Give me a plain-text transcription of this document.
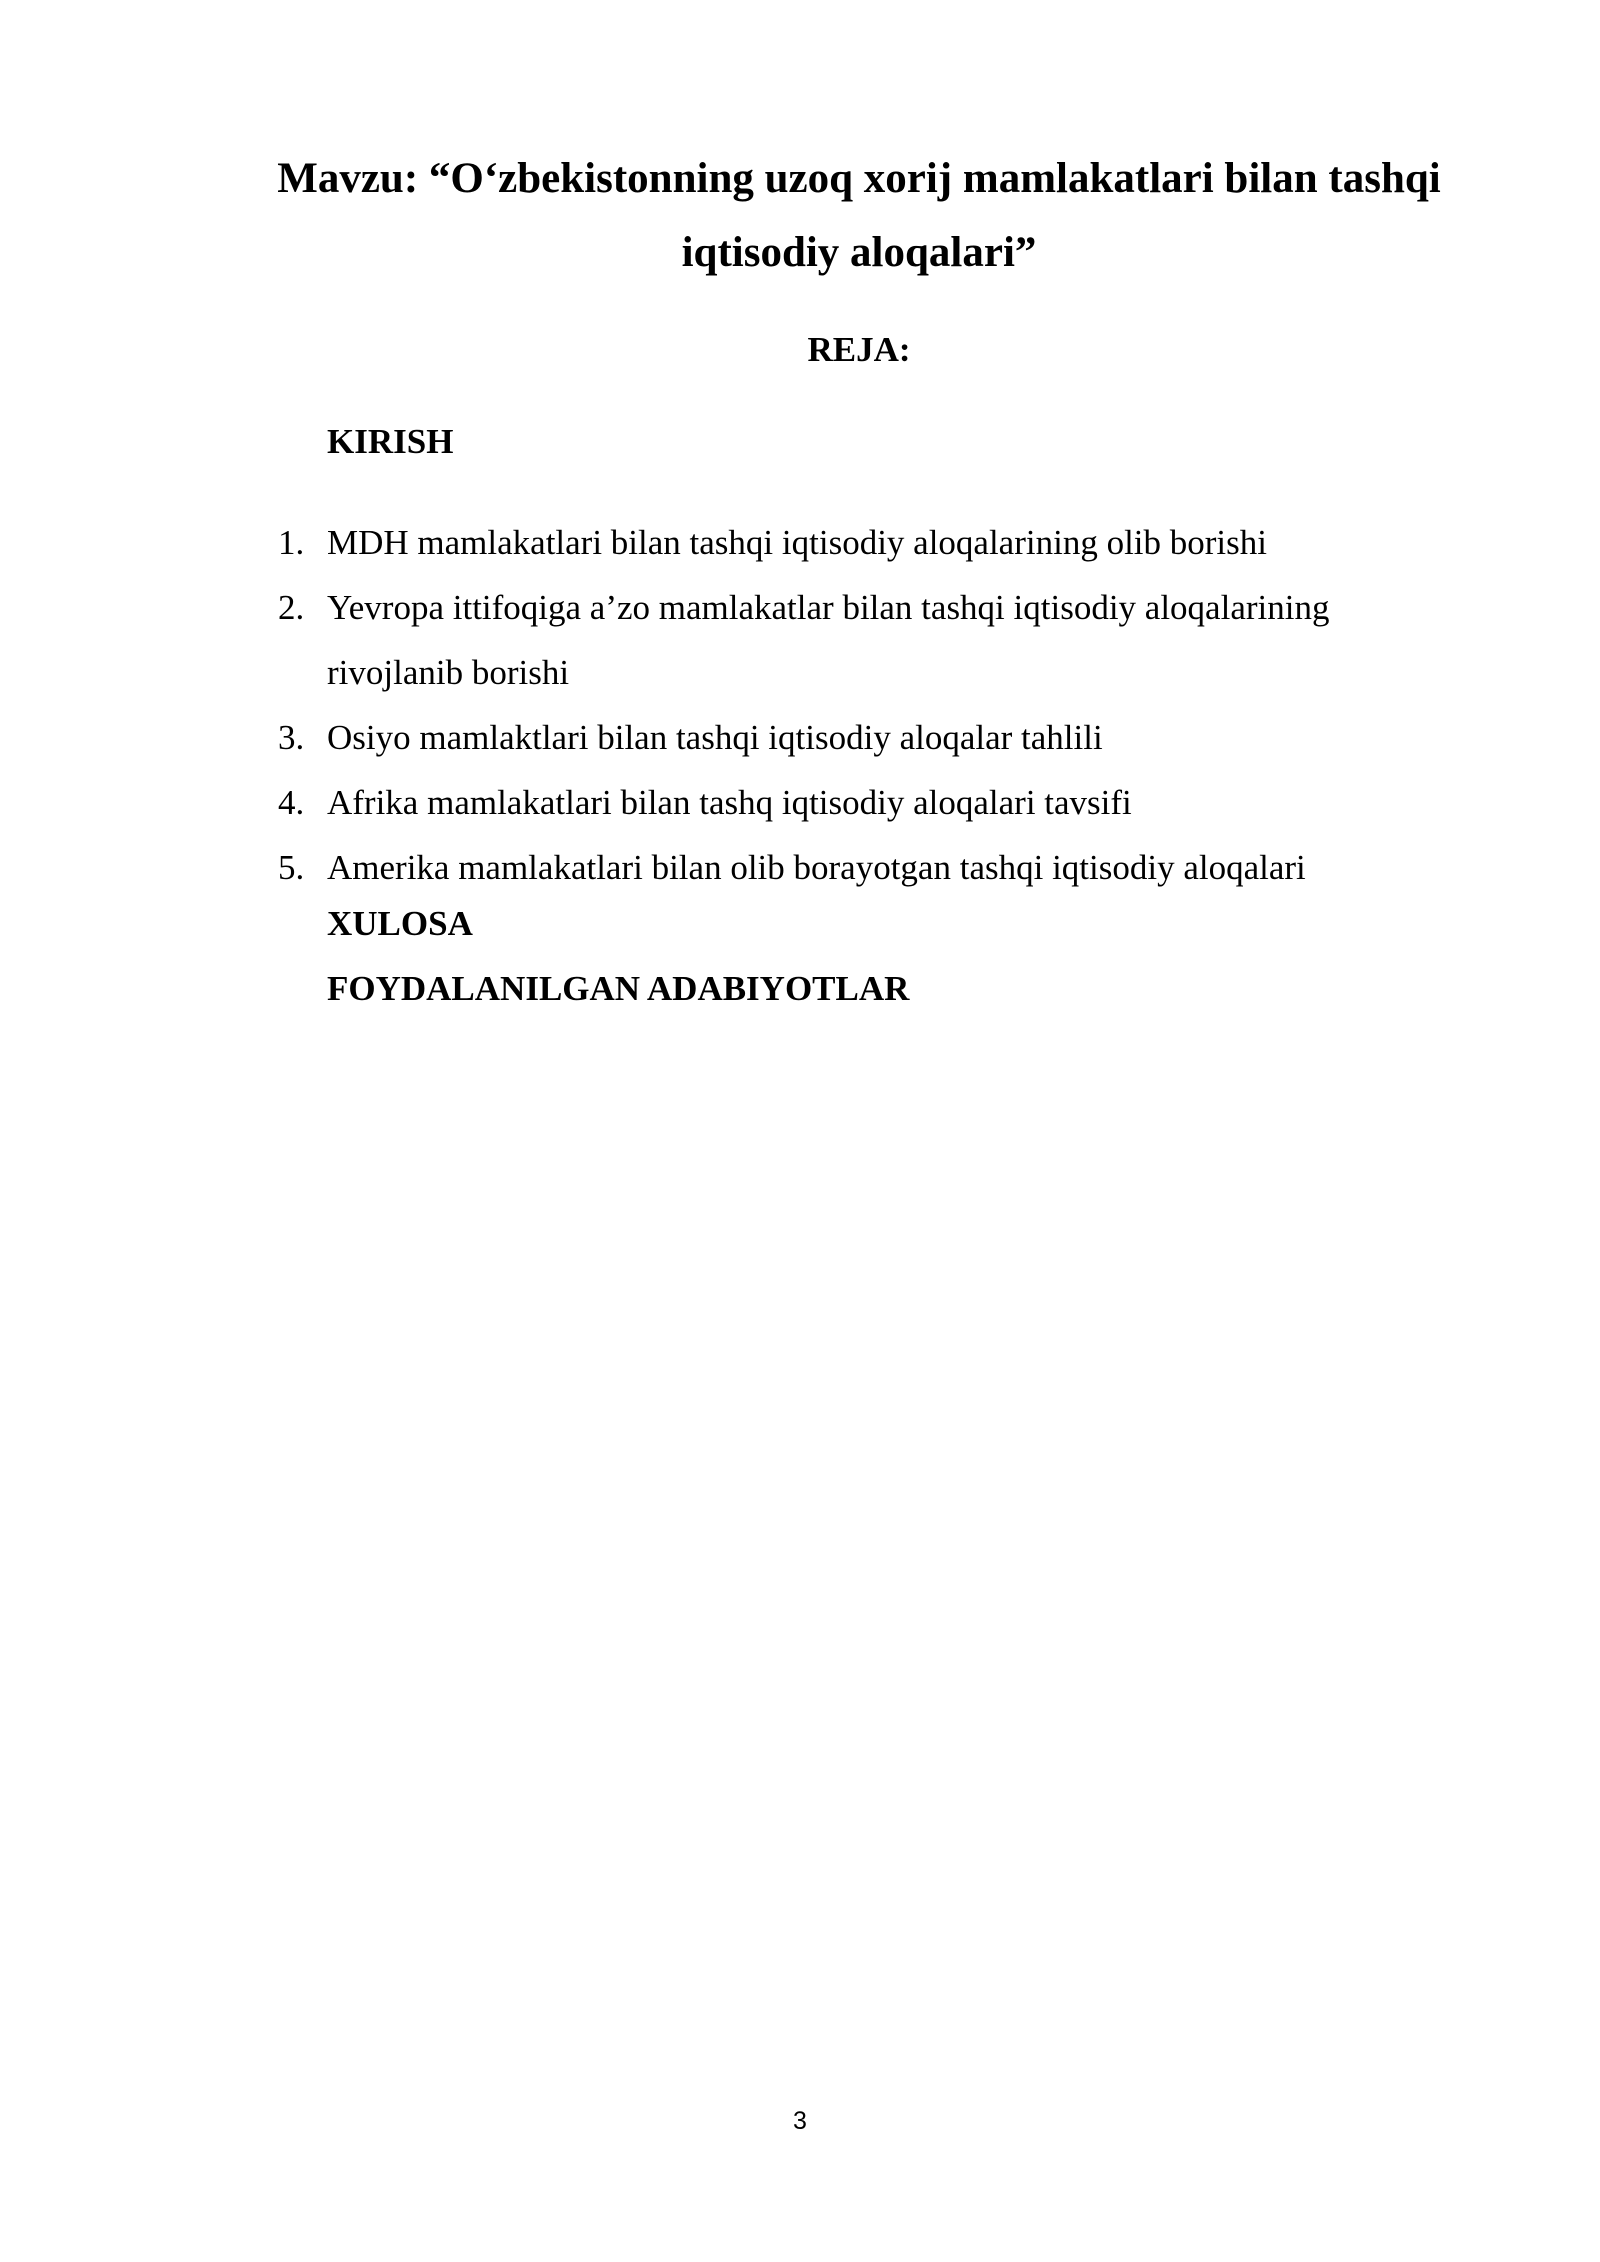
Mavzu: “O‘zbekistonning uzoq xorij mamlakatlari bilan tashqi iqtisodiy aloqalari”
REJA:
KIRISH
1. MDH mamlakatlari bilan tashqi iqtisodiy aloqalarining olib borishi
2. Yevropa ittifoqiga a’zo mamlakatlar bilan tashqi iqtisodiy aloqalarining rivojlanib borishi
3. Osiyo mamlaktlari bilan tashqi iqtisodiy aloqalar tahlili
4. Afrika mamlakatlari bilan tashq iqtisodiy aloqalari tavsifi
5. Amerika mamlakatlari bilan olib borayotgan tashqi iqtisodiy aloqalari
XULOSA
FOYDALANILGAN ADABIYOTLAR
3
